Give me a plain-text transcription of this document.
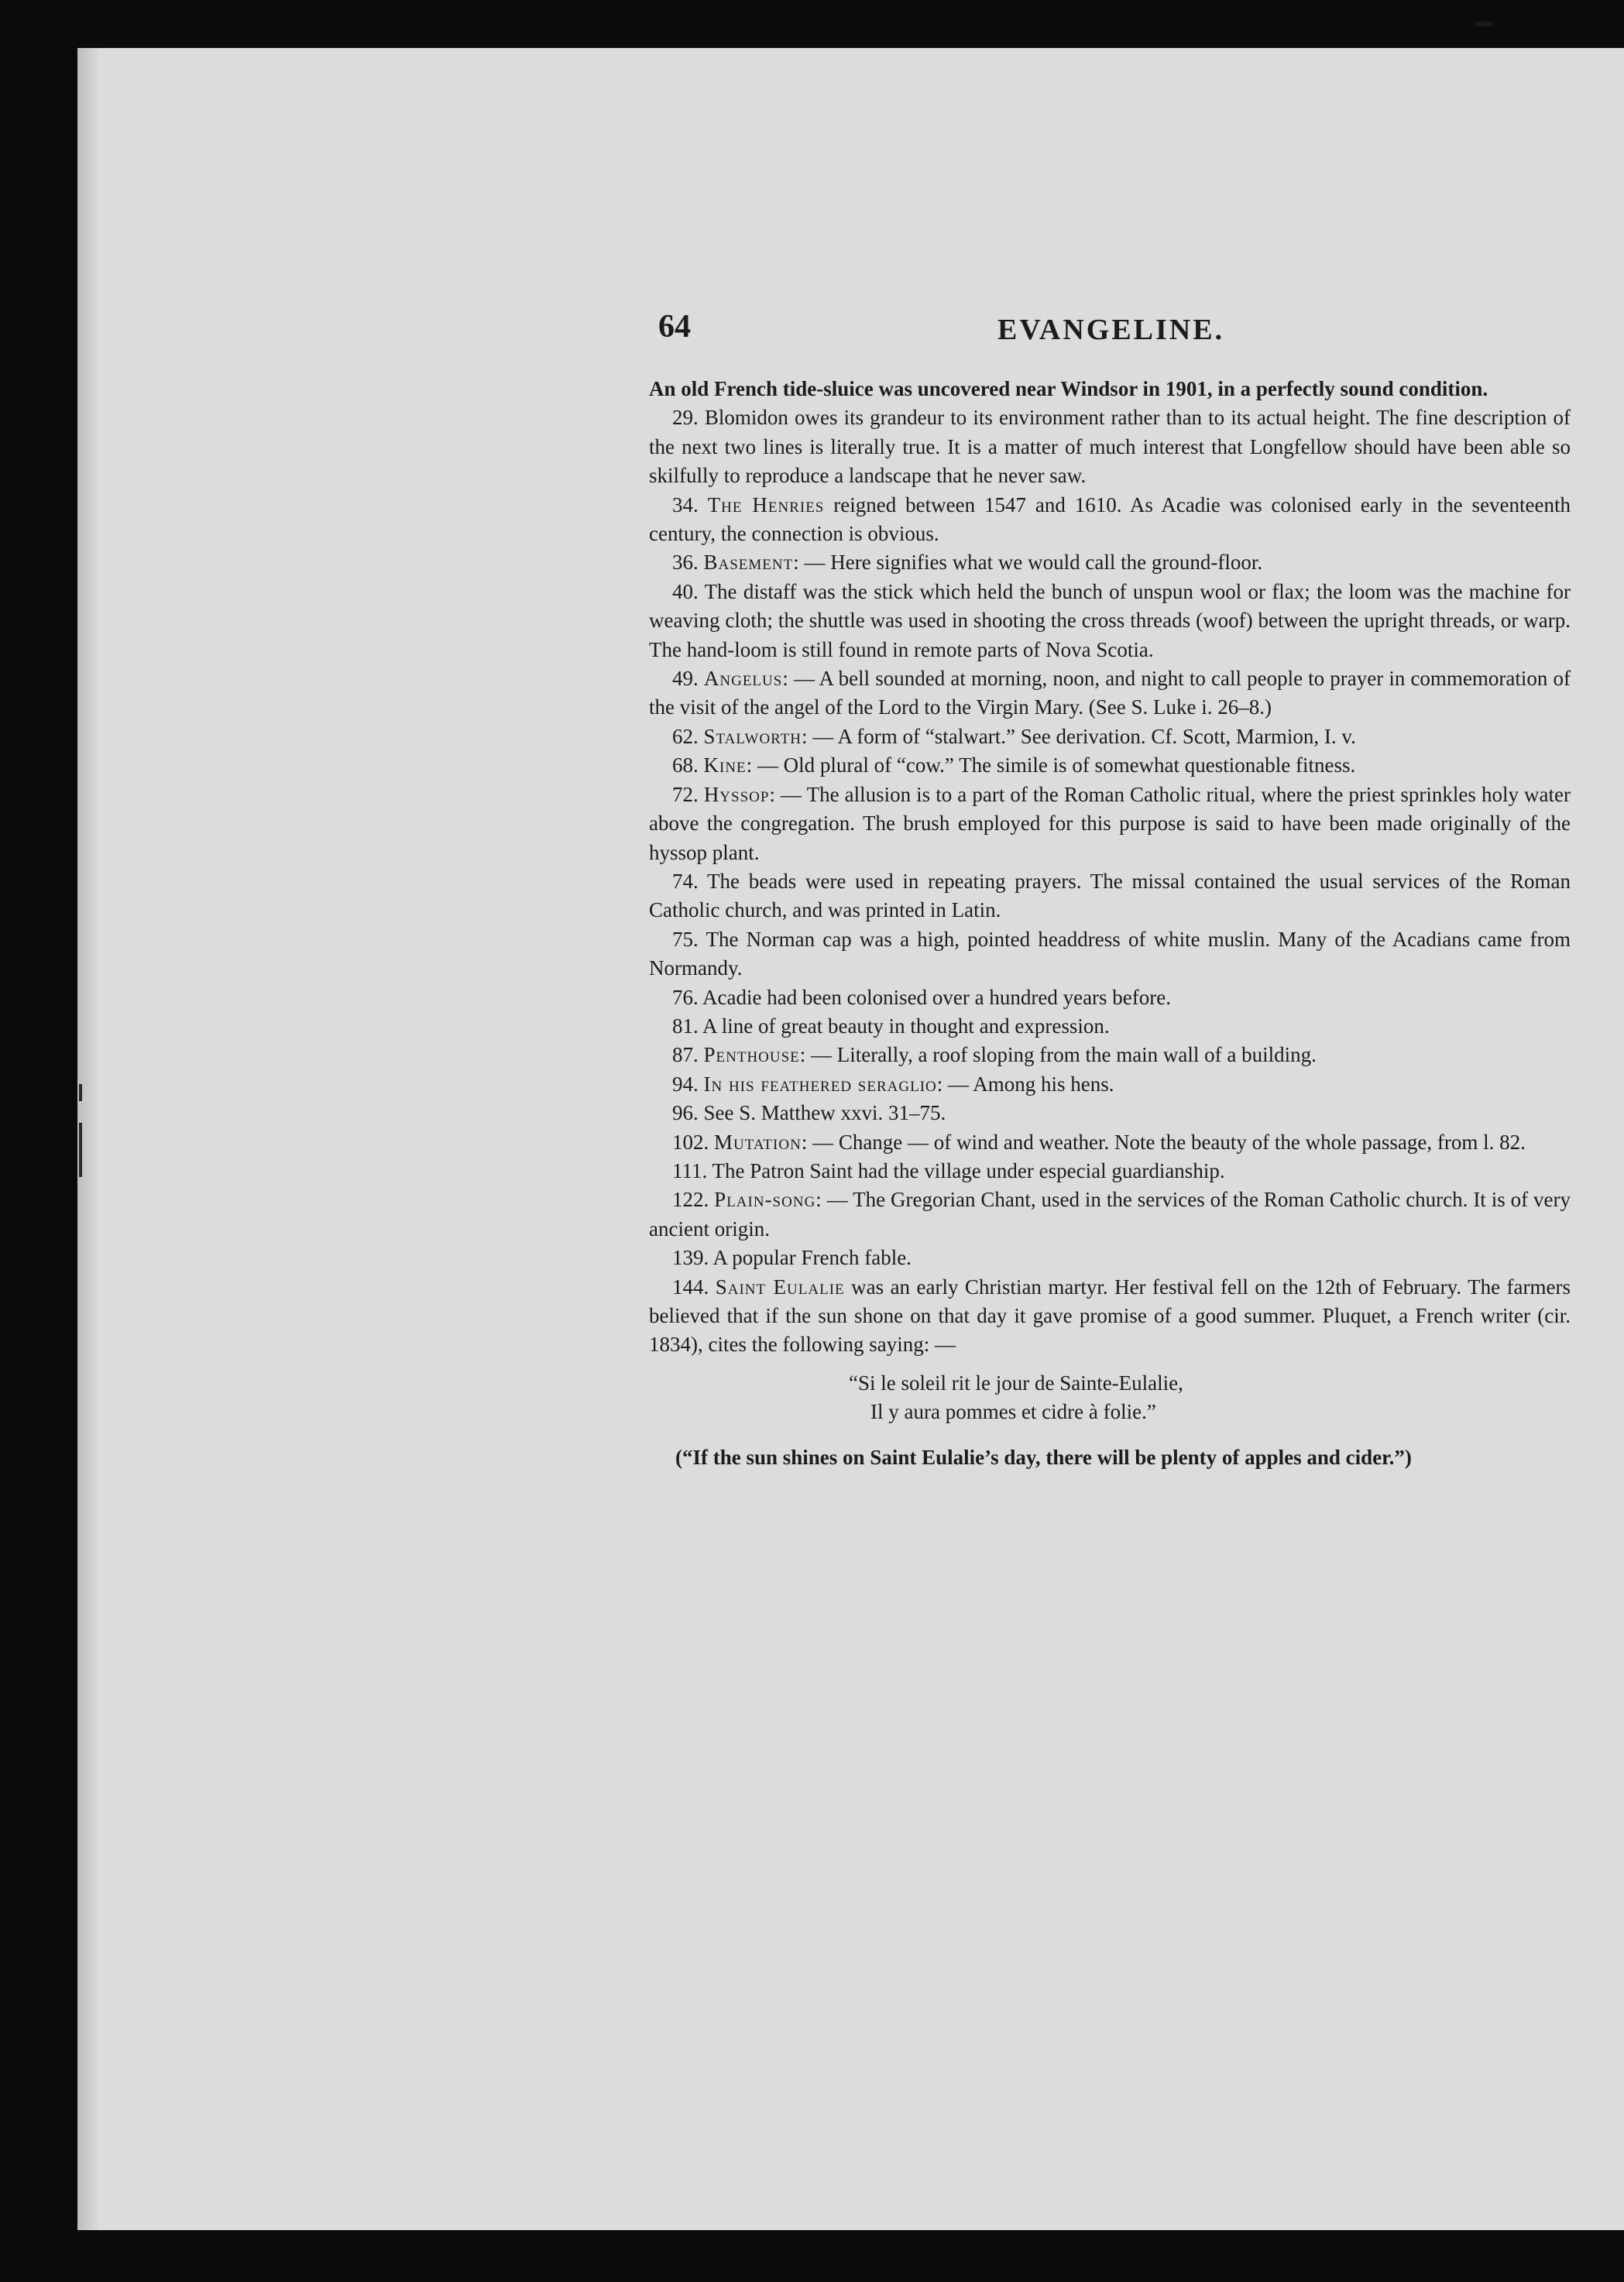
64	EVANGELINE.

An old French tide-sluice was uncovered near Windsor in 1901, in a perfectly sound condition.

29. Blomidon owes its grandeur to its environment rather than to its actual height. The fine description of the next two lines is literally true. It is a matter of much interest that Longfellow should have been able so skilfully to reproduce a landscape that he never saw.

34. The Henries reigned between 1547 and 1610. As Acadie was colonised early in the seventeenth century, the connection is obvious.

36. Basement: — Here signifies what we would call the ground-floor.

40. The distaff was the stick which held the bunch of unspun wool or flax; the loom was the machine for weaving cloth; the shuttle was used in shooting the cross threads (woof) between the upright threads, or warp. The hand-loom is still found in remote parts of Nova Scotia.

49. Angelus: — A bell sounded at morning, noon, and night to call people to prayer in commemoration of the visit of the angel of the Lord to the Virgin Mary. (See S. Luke i. 26–8.)

62. Stalworth: — A form of “stalwart.” See derivation. Cf. Scott, Marmion, I. v.

68. Kine: — Old plural of “cow.” The simile is of somewhat questionable fitness.

72. Hyssop: — The allusion is to a part of the Roman Catholic ritual, where the priest sprinkles holy water above the congregation. The brush employed for this purpose is said to have been made originally of the hyssop plant.

74. The beads were used in repeating prayers. The missal contained the usual services of the Roman Catholic church, and was printed in Latin.

75. The Norman cap was a high, pointed headdress of white muslin. Many of the Acadians came from Normandy.

76. Acadie had been colonised over a hundred years before.

81. A line of great beauty in thought and expression.

87. Penthouse: — Literally, a roof sloping from the main wall of a building.

94. In his feathered seraglio: — Among his hens.

96. See S. Matthew xxvi. 31–75.

102. Mutation: — Change — of wind and weather. Note the beauty of the whole passage, from l. 82.

111. The Patron Saint had the village under especial guardianship.

122. Plain-song: — The Gregorian Chant, used in the services of the Roman Catholic church. It is of very ancient origin.

139. A popular French fable.

144. Saint Eulalie was an early Christian martyr. Her festival fell on the 12th of February. The farmers believed that if the sun shone on that day it gave promise of a good summer. Pluquet, a French writer (cir. 1834), cites the following saying: —

“Si le soleil rit le jour de Sainte-Eulalie,
Il y aura pommes et cidre à folie.”

(“If the sun shines on Saint Eulalie’s day, there will be plenty of apples and cider.”)
